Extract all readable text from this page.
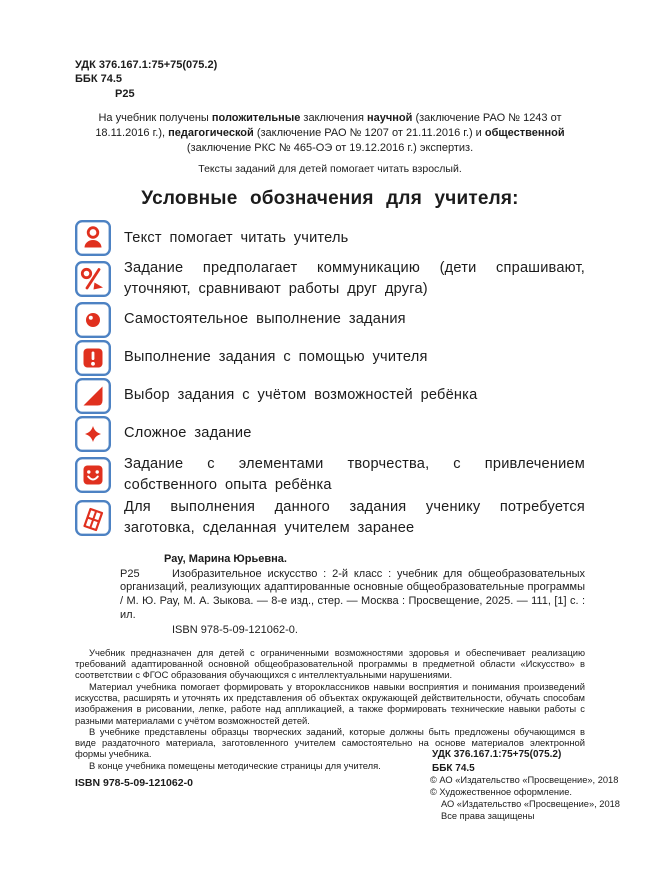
УДК 376.167.1:75+75(075.2)
ББК 74.5
Р25

На учебник получены положительные заключения научной (заключение РАО № 1243 от 18.11.2016 г.), педагогической (заключение РАО № 1207 от 21.11.2016 г.) и общественной (заключение РКС № 465-ОЭ от 19.12.2016 г.) экспертиз.

Тексты заданий для детей помогает читать взрослый.

Условные обозначения для учителя:
Текст помогает читать учитель
Задание предполагает коммуникацию (дети спрашивают, уточняют, сравнивают работы друг друга)
Самостоятельное выполнение задания
Выполнение задания с помощью учителя
Выбор задания с учётом возможностей ребёнка
Сложное задание
Задание с элементами творчества, с привлечением собственного опыта ребёнка
Для выполнения данного задания ученику потребуется заготовка, сделанная учителем заранее
Рау, Марина Юрьевна.
Р25	Изобразительное искусство : 2-й класс : учебник для общеобразовательных организаций, реализующих адаптированные основные общеобразовательные программы / М. Ю. Рау, М. А. Зыкова. — 8-е изд., стер. — Москва : Просвещение, 2025. — 111, [1] с. : ил.
ISBN 978-5-09-121062-0.

Учебник предназначен для детей с ограниченными возможностями здоровья и обеспечивает реализацию требований адаптированной основной общеобразовательной программы в предметной области «Искусство» в соответствии с ФГОС образования обучающихся с интеллектуальными нарушениями.

Материал учебника помогает формировать у второклассников навыки восприятия и понимания произведений искусства, расширять и уточнять их представления об объектах окружающей действительности, обучать способам изображения в рисовании, лепке, работе над аппликацией, а также формировать технические навыки работы с разными материалами с учётом возможностей детей.

В учебнике представлены образцы творческих заданий, которые должны быть предложены обучающимся в виде раздаточного материала, заготовленного учителем самостоятельно на основе материалов электронной формы учебника.

В конце учебника помещены методические страницы для учителя.

УДК 376.167.1:75+75(075.2)
ББК 74.5
ISBN 978-5-09-121062-0	© АО «Издательство «Просвещение», 2018
© Художественное оформление.
АО «Издательство «Просвещение», 2018
Все права защищены
